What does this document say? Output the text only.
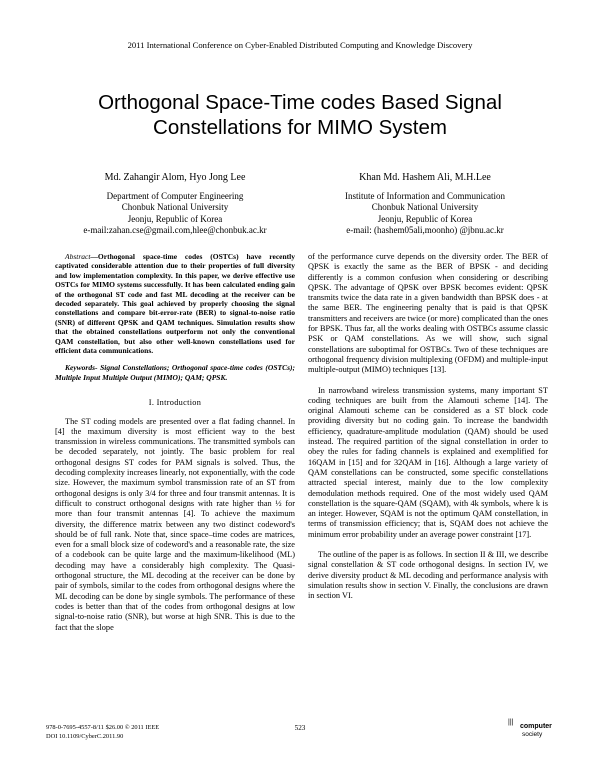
2011 International Conference on Cyber-Enabled Distributed Computing and Knowledge Discovery
Orthogonal Space-Time codes Based Signal
Constellations for MIMO System
Md. Zahangir Alom, Hyo Jong Lee
Department of Computer Engineering
Chonbuk National University
Jeonju, Republic of Korea
e-mail:zahan.cse@gmail.com,hlee@chonbuk.ac.kr
Khan Md. Hashem Ali, M.H.Lee
Institute of Information and Communication
Chonbuk National University
Jeonju, Republic of Korea
e-mail: (hashem05ali,moonho) @jbnu.ac.kr

Abstract—Orthogonal space-time codes (OSTCs) have recently captivated considerable attention due to their properties of full diversity and low implementation complexity. In this paper, we derive effective use OSTCs for MIMO systems successfully. It has been calculated ending gain of the orthogonal ST code and fast ML decoding at the receiver can be decoded separately. This goal achieved by properly choosing the signal constellations and compare bit-error-rate (BER) to signal-to-noise ratio (SNR) of different QPSK and QAM techniques. Simulation results show that the obtained constellations outperform not only the conventional QAM constellation, but also other well-known constellations used for efficient data communications.

Keywords- Signal Constellations; Orthogonal space-time codes (OSTCs); Multiple Input Multiple Output (MIMO); QAM; QPSK.

I. Introduction

The ST coding models are presented over a flat fading channel. In [4] the maximum diversity is most efficient way to the best transmission in wireless communications. The transmitted symbols can be decoded separately, not jointly. The basic problem for real orthogonal designs ST codes for PAM signals is solved. Thus, the decoding complexity increases linearly, not exponentially, with the code size. However, the maximum symbol transmission rate of an ST from orthogonal designs is only 3/4 for three and four transmit antennas. It is difficult to construct orthogonal designs with rate higher than ½ for more than four transmit antennas [4]. To achieve the maximum diversity, the difference matrix between any two distinct codeword's should be of full rank. Note that, since space–time codes are matrices, even for a small block size of codeword's and a reasonable rate, the size of a codebook can be quite large and the maximum-likelihood (ML) decoding may have a considerably high complexity. The Quasi-orthogonal structure, the ML decoding at the receiver can be done by pair of symbols, similar to the codes from orthogonal designs where the ML decoding can be done by single symbols. The performance of these codes is better than that of the codes from orthogonal designs at low signal-to-noise ratio (SNR), but worse at high SNR. This is due to the fact that the slope

of the performance curve depends on the diversity order. The BER of QPSK is exactly the same as the BER of BPSK - and deciding differently is a common confusion when considering or describing QPSK. The advantage of QPSK over BPSK becomes evident: QPSK transmits twice the data rate in a given bandwidth than BPSK does - at the same BER. The engineering penalty that is paid is that QPSK transmitters and receivers are twice (or more) complicated than the ones for BPSK. Thus far, all the works dealing with OSTBCs assume classic PSK or QAM constellations. As we will show, such signal constellations are suboptimal for OSTBCs. Two of these techniques are orthogonal frequency division multiplexing (OFDM) and multiple-input multiple-output (MIMO) techniques [13].

In narrowband wireless transmission systems, many important ST coding techniques are built from the Alamouti scheme [14]. The original Alamouti scheme can be considered as a ST block code providing diversity but no coding gain. To increase the bandwidth efficiency, quadrature-amplitude modulation (QAM) should be used instead. The required partition of the signal constellation in order to obey the rules for fading channels is explained and exemplified for 16QAM in [15] and for 32QAM in [16]. Although a large variety of QAM constellations can be constructed, some specific constellations attracted special interest, mainly due to the low complexity demodulation methods required. One of the most widely used QAM constellation is the square-QAM (SQAM), with 4k symbols, where k is an integer. However, SQAM is not the optimum QAM constellation, in terms of transmission efficiency; that is, SQAM does not achieve the minimum error probability under an average power constraint [17].

The outline of the paper is as follows. In section II & III, we describe signal constellation & ST code orthogonal designs. In section IV, we derive diversity product & ML decoding and performance analysis with simulation results show in section V. Finally, the conclusions are drawn in section VI.

978-0-7695-4557-8/11 $26.00 © 2011 IEEE
DOI 10.1109/CyberC.2011.90
523
|||
computer
society
